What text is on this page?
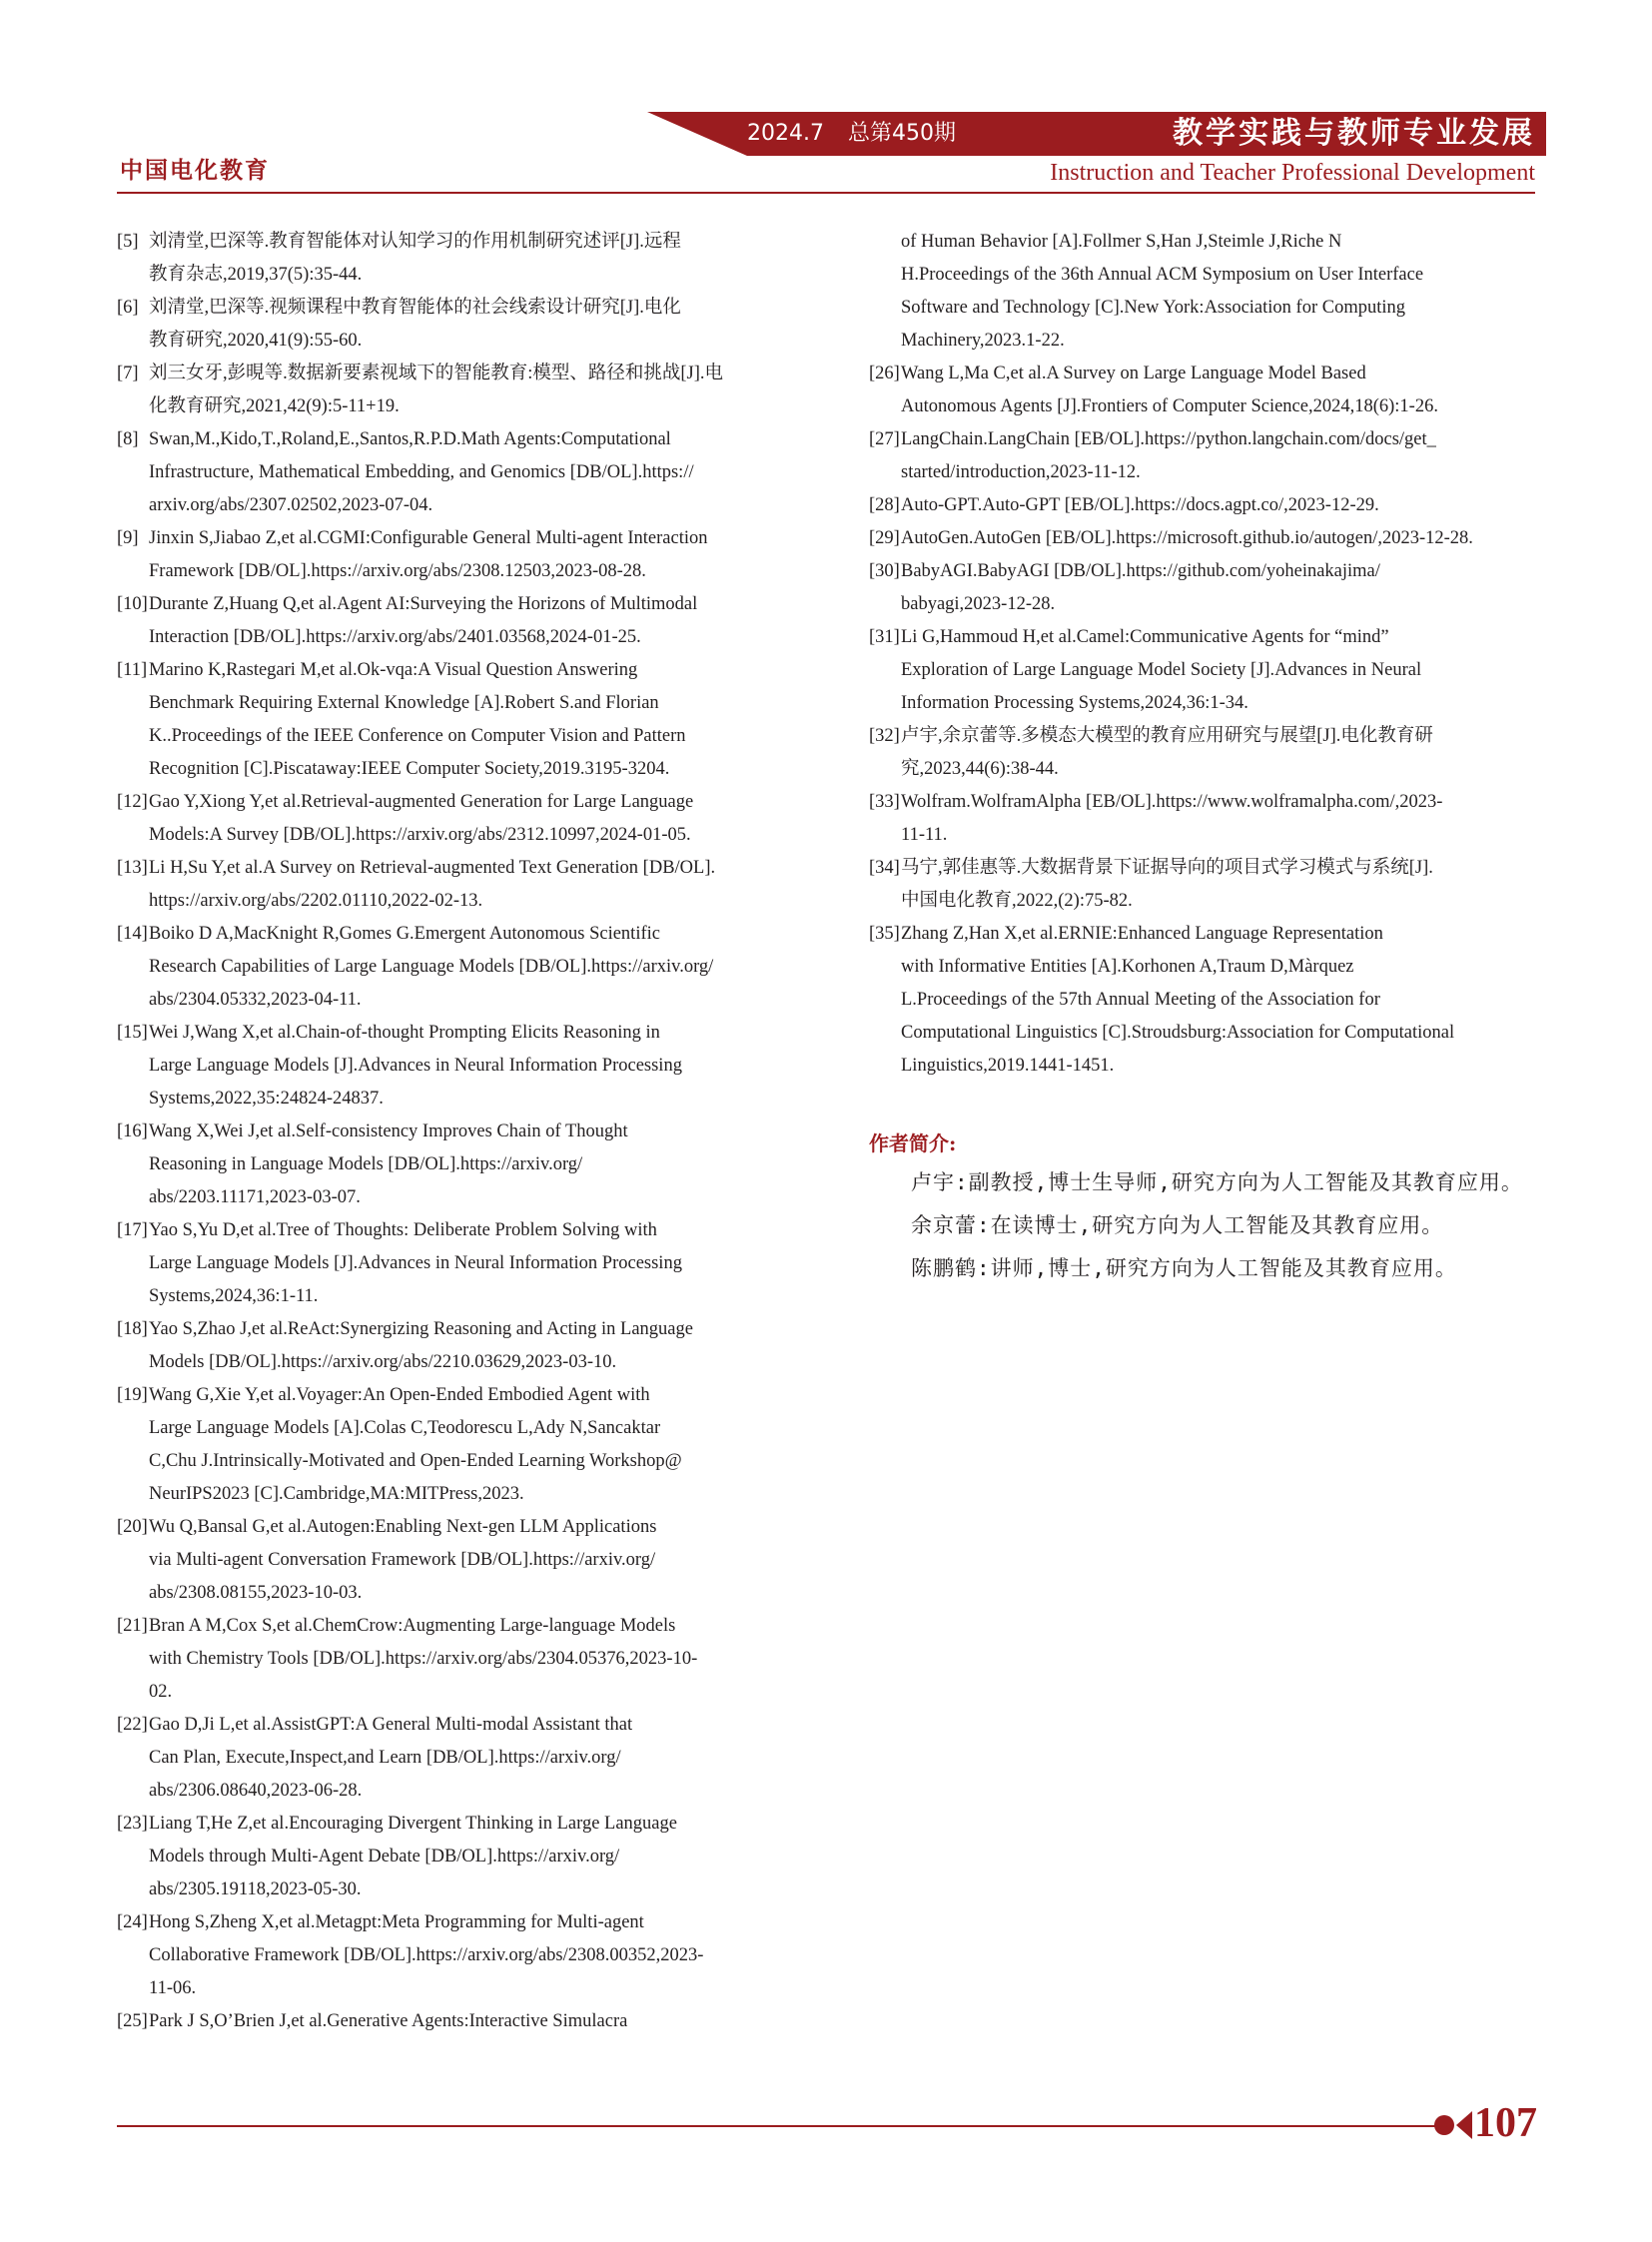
2024.7 总第450期	教学实践与教师专业发展
中国电化教育	Instruction and Teacher Professional Development
[5] 刘清堂,巴深等.教育智能体对认知学习的作用机制研究述评[J].远程
教育杂志,2019,37(5):35-44.
[6] 刘清堂,巴深等.视频课程中教育智能体的社会线索设计研究[J].电化
教育研究,2020,41(9):55-60.
[7] 刘三女牙,彭晛等.数据新要素视域下的智能教育:模型、路径和挑战[J].电
化教育研究,2021,42(9):5-11+19.
[8] Swan,M.,Kido,T.,Roland,E.,Santos,R.P.D.Math Agents:Computational
Infrastructure, Mathematical Embedding, and Genomics [DB/OL].https://
arxiv.org/abs/2307.02502,2023-07-04.
[9] Jinxin S,Jiabao Z,et al.CGMI:Configurable General Multi-agent Interaction
Framework [DB/OL].https://arxiv.org/abs/2308.12503,2023-08-28.
[10] Durante Z,Huang Q,et al.Agent AI:Surveying the Horizons of Multimodal
Interaction [DB/OL].https://arxiv.org/abs/2401.03568,2024-01-25.
[11] Marino K,Rastegari M,et al.Ok-vqa:A Visual Question Answering
Benchmark Requiring External Knowledge [A].Robert S.and Florian
K..Proceedings of the IEEE Conference on Computer Vision and Pattern
Recognition [C].Piscataway:IEEE Computer Society,2019.3195-3204.
[12] Gao Y,Xiong Y,et al.Retrieval-augmented Generation for Large Language
Models:A Survey [DB/OL].https://arxiv.org/abs/2312.10997,2024-01-05.
[13] Li H,Su Y,et al.A Survey on Retrieval-augmented Text Generation [DB/OL].
https://arxiv.org/abs/2202.01110,2022-02-13.
[14] Boiko D A,MacKnight R,Gomes G.Emergent Autonomous Scientific
Research Capabilities of Large Language Models [DB/OL].https://arxiv.org/
abs/2304.05332,2023-04-11.
[15] Wei J,Wang X,et al.Chain-of-thought Prompting Elicits Reasoning in
Large Language Models [J].Advances in Neural Information Processing
Systems,2022,35:24824-24837.
[16] Wang X,Wei J,et al.Self-consistency Improves Chain of Thought
Reasoning in Language Models [DB/OL].https://arxiv.org/
abs/2203.11171,2023-03-07.
[17] Yao S,Yu D,et al.Tree of Thoughts: Deliberate Problem Solving with
Large Language Models [J].Advances in Neural Information Processing
Systems,2024,36:1-11.
[18] Yao S,Zhao J,et al.ReAct:Synergizing Reasoning and Acting in Language
Models [DB/OL].https://arxiv.org/abs/2210.03629,2023-03-10.
[19] Wang G,Xie Y,et al.Voyager:An Open-Ended Embodied Agent with
Large Language Models [A].Colas C,Teodorescu L,Ady N,Sancaktar
C,Chu J.Intrinsically-Motivated and Open-Ended Learning Workshop@
NeurIPS2023 [C].Cambridge,MA:MITPress,2023.
[20] Wu Q,Bansal G,et al.Autogen:Enabling Next-gen LLM Applications
via Multi-agent Conversation Framework [DB/OL].https://arxiv.org/
abs/2308.08155,2023-10-03.
[21] Bran A M,Cox S,et al.ChemCrow:Augmenting Large-language Models
with Chemistry Tools [DB/OL].https://arxiv.org/abs/2304.05376,2023-10-
02.
[22] Gao D,Ji L,et al.AssistGPT:A General Multi-modal Assistant that
Can Plan, Execute,Inspect,and Learn [DB/OL].https://arxiv.org/
abs/2306.08640,2023-06-28.
[23] Liang T,He Z,et al.Encouraging Divergent Thinking in Large Language
Models through Multi-Agent Debate [DB/OL].https://arxiv.org/
abs/2305.19118,2023-05-30.
[24] Hong S,Zheng X,et al.Metagpt:Meta Programming for Multi-agent
Collaborative Framework [DB/OL].https://arxiv.org/abs/2308.00352,2023-
11-06.
[25] Park J S,O’Brien J,et al.Generative Agents:Interactive Simulacra
of Human Behavior [A].Follmer S,Han J,Steimle J,Riche N
H.Proceedings of the 36th Annual ACM Symposium on User Interface
Software and Technology [C].New York:Association for Computing
Machinery,2023.1-22.
[26] Wang L,Ma C,et al.A Survey on Large Language Model Based
Autonomous Agents [J].Frontiers of Computer Science,2024,18(6):1-26.
[27] LangChain.LangChain [EB/OL].https://python.langchain.com/docs/get_
started/introduction,2023-11-12.
[28] Auto-GPT.Auto-GPT [EB/OL].https://docs.agpt.co/,2023-12-29.
[29] AutoGen.AutoGen [EB/OL].https://microsoft.github.io/autogen/,2023-12-28.
[30] BabyAGI.BabyAGI [DB/OL].https://github.com/yoheinakajima/
babyagi,2023-12-28.
[31] Li G,Hammoud H,et al.Camel:Communicative Agents for “mind”
Exploration of Large Language Model Society [J].Advances in Neural
Information Processing Systems,2024,36:1-34.
[32] 卢宇,余京蕾等.多模态大模型的教育应用研究与展望[J].电化教育研
究,2023,44(6):38-44.
[33] Wolfram.WolframAlpha [EB/OL].https://www.wolframalpha.com/,2023-
11-11.
[34] 马宁,郭佳惠等.大数据背景下证据导向的项目式学习模式与系统[J].
中国电化教育,2022,(2):75-82.
[35] Zhang Z,Han X,et al.ERNIE:Enhanced Language Representation
with Informative Entities [A].Korhonen A,Traum D,Màrquez
L.Proceedings of the 57th Annual Meeting of the Association for
Computational Linguistics [C].Stroudsburg:Association for Computational
Linguistics,2019.1441-1451.
作者简介:

卢宇:副教授,博士生导师,研究方向为人工智能及其教育应用。

余京蕾:在读博士,研究方向为人工智能及其教育应用。

陈鹏鹤:讲师,博士,研究方向为人工智能及其教育应用。

107
